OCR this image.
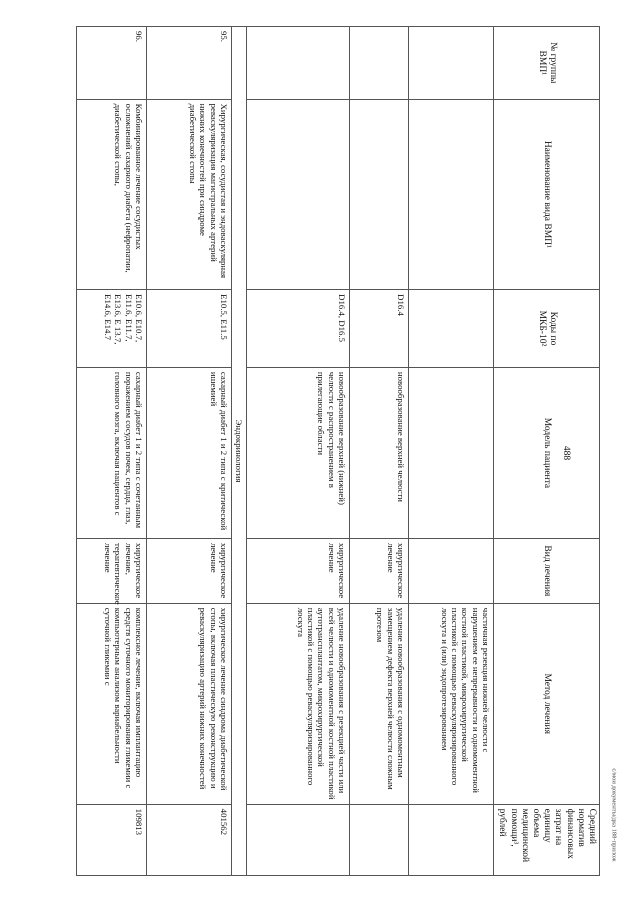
488
с/мои документы/дка 188-прилож
№ группы ВМП¹	Наименование вида ВМП¹	Коды по МКБ-10²	Модель пациента	Вид лечения	Метод лечения	Средний норматив финансовых затрат на единицу объема медицинской помощи³, рублей
					частичная резекция нижней челюсти с нарушением ее непрерывности и одномоментной костной пластикой, микрохирургической пластикой с помощью реваскуляризированного лоскута и (или) эндопротезированием	
		D16.4	новообразование верхней челюсти	хирургическое лечение	удаление новообразования с одномоментным замещением дефекта верхней челюсти сложным протезом	
		D16.4, D16.5	новообразование верхней (нижней) челюсти с распространением в прилегающие области	хирургическое лечение	удаление новообразования с резекцией части или всей челюсти и одномоментной костной пластикой аутотрансплантатом, микрохирургической пластикой с помощью реваскуляризированного лоскута	
Эндокринология						
95.	Хирургическая, сосудистая и эндоваскулярная реваскуляризация магистральных артерий нижних конечностей при синдроме диабетической стопы	E10.5, E11.5	сахарный диабет 1 и 2 типа с критической ишемией	хирургическое лечение	хирургическое лечение синдрома диабетической стопы, включая пластическую реконструкцию и реваскуляризацию артерий нижних конечностей	401562
96.	Комбинированное лечение сосудистых осложнений сахарного диабета (нефропатии, диабетической стопы,	E10.6, E10.7, E11.6, E11.7, E13.6, E 13.7, E14.6, E14.7	сахарный диабет 1 и 2 типа с сочетанным поражением сосудов почек, сердца, глаз, головного мозга, включая пациентов с	хирургическое лечение, терапевтическое лечение	комплексное лечение, включая имплантацию средств суточного мониторирования гликемии с компьютерным анализом вариабельности суточной гликемии с	109813
